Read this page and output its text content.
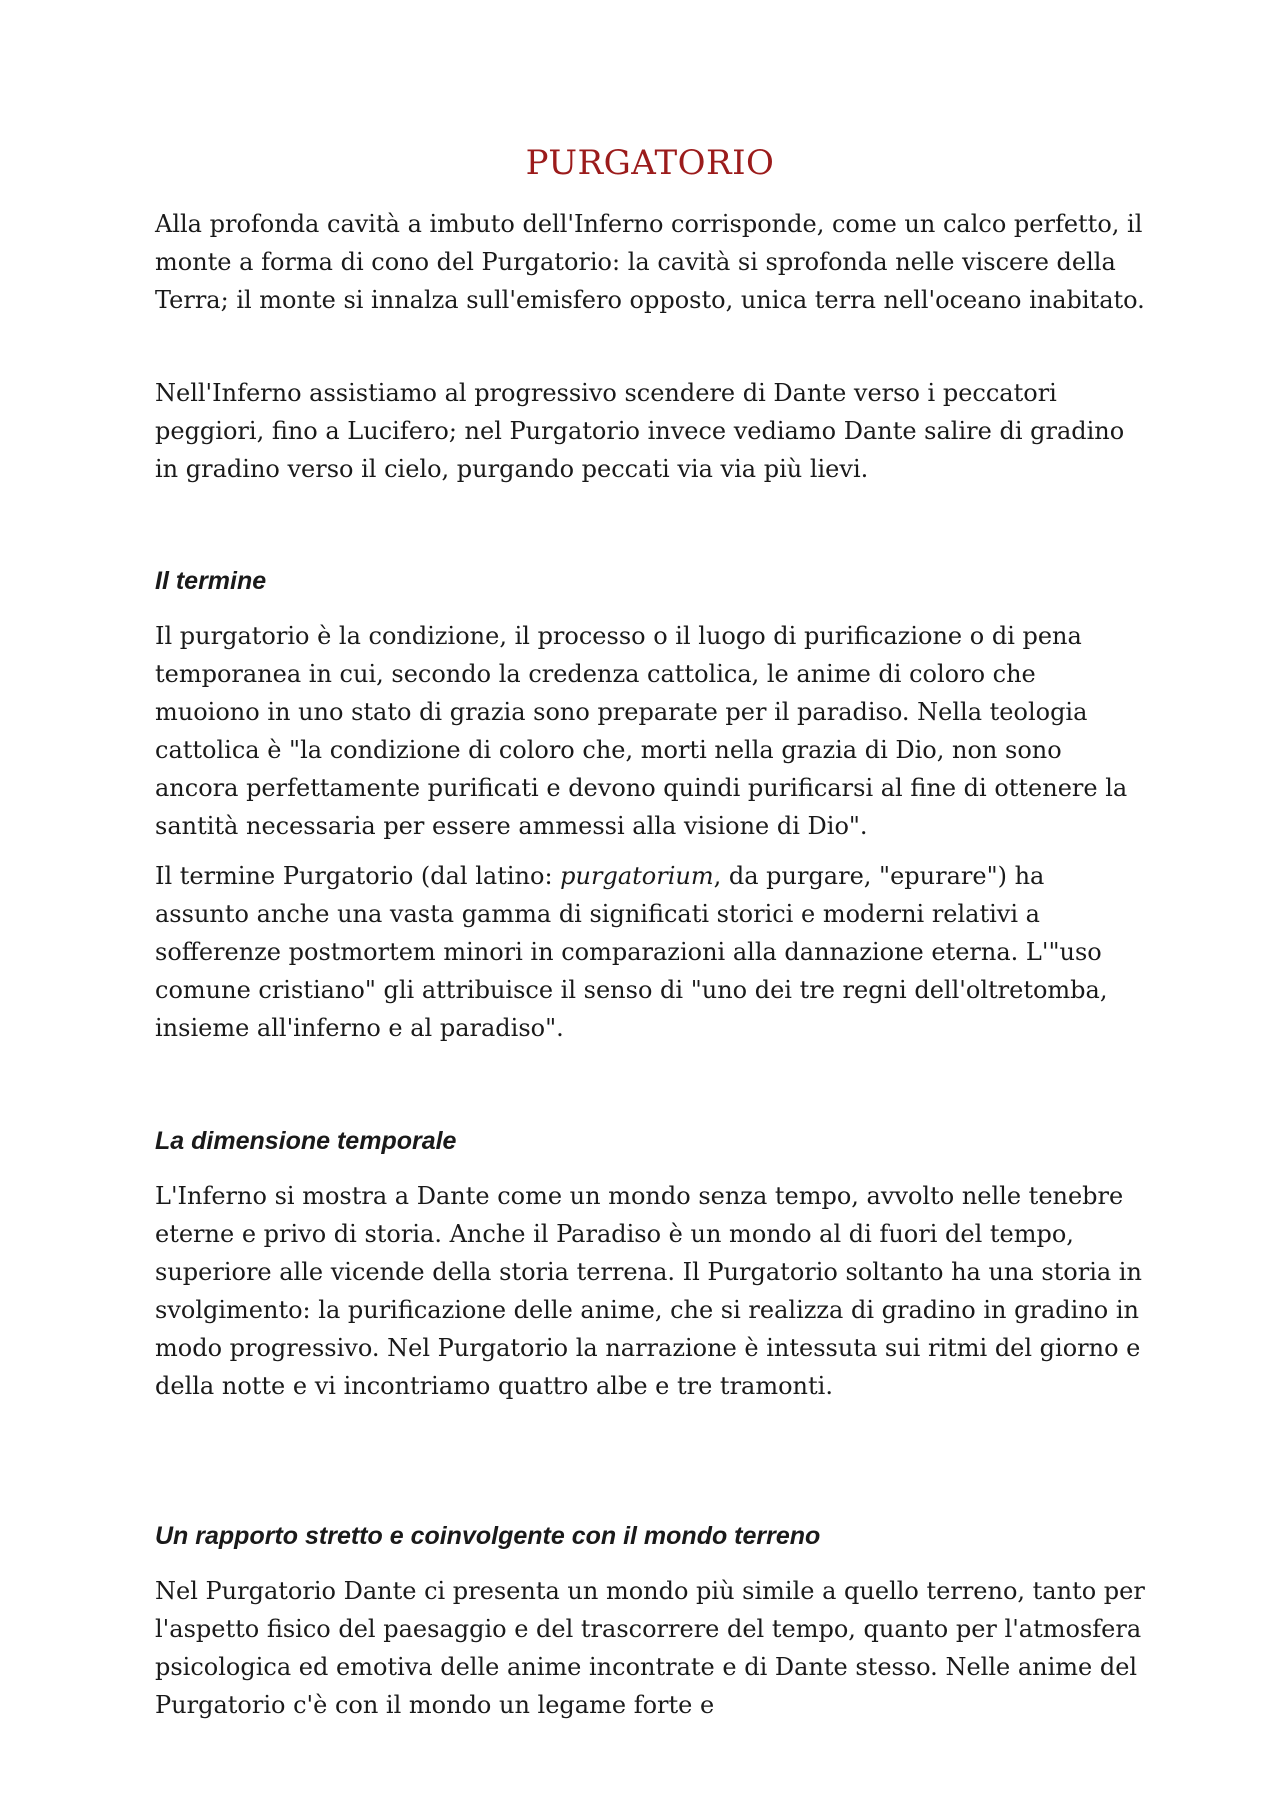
PURGATORIO

Alla profonda cavità a imbuto dell'Inferno corrisponde, come un calco perfetto, il monte a forma di cono del Purgatorio: la cavità si sprofonda nelle viscere della Terra; il monte si innalza sull'emisfero opposto, unica terra nell'oceano inabitato.

Nell'Inferno assistiamo al progressivo scendere di Dante verso i peccatori peggiori, fino a Lucifero; nel Purgatorio invece vediamo Dante salire di gradino in gradino verso il cielo, purgando peccati via via più lievi.

Il termine

Il purgatorio è la condizione, il processo o il luogo di purificazione o di pena temporanea in cui, secondo la credenza cattolica, le anime di coloro che muoiono in uno stato di grazia sono preparate per il paradiso. Nella teologia cattolica è "la condizione di coloro che, morti nella grazia di Dio, non sono ancora perfettamente purificati e devono quindi purificarsi al fine di ottenere la santità necessaria per essere ammessi alla visione di Dio".

Il termine Purgatorio (dal latino: purgatorium, da purgare, "epurare") ha assunto anche una vasta gamma di significati storici e moderni relativi a sofferenze postmortem minori in comparazioni alla dannazione eterna. L'"uso comune cristiano" gli attribuisce il senso di "uno dei tre regni dell'oltretomba, insieme all'inferno e al paradiso".

La dimensione temporale

L'Inferno si mostra a Dante come un mondo senza tempo, avvolto nelle tenebre eterne e privo di storia. Anche il Paradiso è un mondo al di fuori del tempo, superiore alle vicende della storia terrena. Il Purgatorio soltanto ha una storia in svolgimento: la purificazione delle anime, che si realizza di gradino in gradino in modo progressivo. Nel Purgatorio la narrazione è intessuta sui ritmi del giorno e della notte e vi incontriamo quattro albe e tre tramonti.

Un rapporto stretto e coinvolgente con il mondo terreno

Nel Purgatorio Dante ci presenta un mondo più simile a quello terreno, tanto per l'aspetto fisico del paesaggio e del trascorrere del tempo, quanto per l'atmosfera psicologica ed emotiva delle anime incontrate e di Dante stesso. Nelle anime del Purgatorio c'è con il mondo un legame forte e
